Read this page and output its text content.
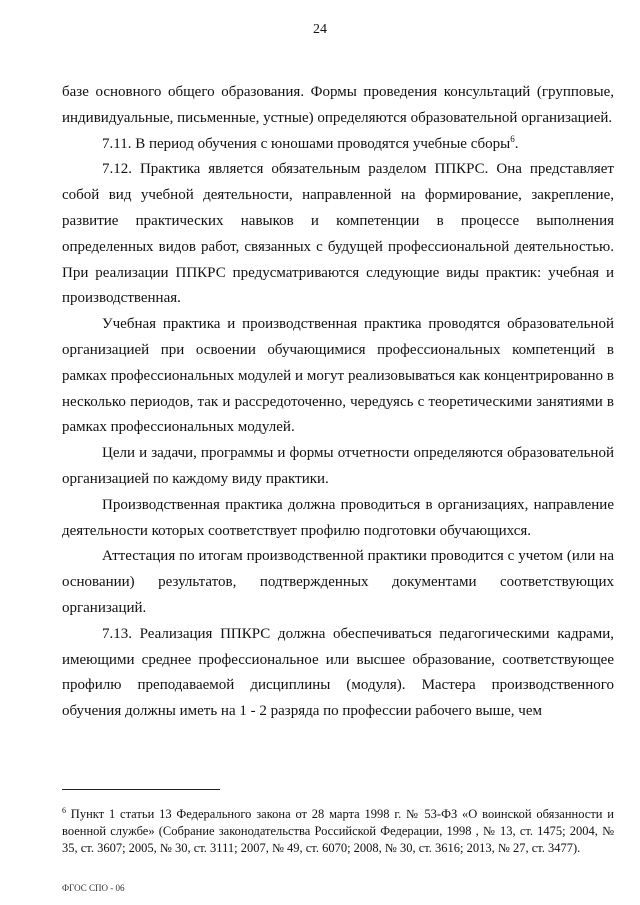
24

базе основного общего образования. Формы проведения консультаций (групповые, индивидуальные, письменные, устные) определяются образовательной организацией.

7.11. В период обучения с юношами проводятся учебные сборы$^6$.

7.12. Практика является обязательным разделом ППКРС. Она представляет собой вид учебной деятельности, направленной на формирование, закрепление, развитие практических навыков и компетенции в процессе выполнения определенных видов работ, связанных с будущей профессиональной деятельностью. При реализации ППКРС предусматриваются следующие виды практик: учебная и производственная.

Учебная практика и производственная практика проводятся образовательной организацией при освоении обучающимися профессиональных компетенций в рамках профессиональных модулей и могут реализовываться как концентрированно в несколько периодов, так и рассредоточенно, чередуясь с теоретическими занятиями в рамках профессиональных модулей.

Цели и задачи, программы и формы отчетности определяются образовательной организацией по каждому виду практики.

Производственная практика должна проводиться в организациях, направление деятельности которых соответствует профилю подготовки обучающихся.

Аттестация по итогам производственной практики проводится с учетом (или на основании) результатов, подтвержденных документами соответствующих организаций.

7.13. Реализация ППКРС должна обеспечиваться педагогическими кадрами, имеющими среднее профессиональное или высшее образование, соответствующее профилю преподаваемой дисциплины (модуля). Мастера производственного обучения должны иметь на 1 - 2 разряда по профессии рабочего выше, чем

$^6$ Пункт 1 статьи 13 Федерального закона от 28 марта 1998 г. № 53-ФЗ «О воинской обязанности и военной службе» (Собрание законодательства Российской Федерации, 1998 , № 13, ст. 1475; 2004, № 35, ст. 3607; 2005, № 30, ст. 3111; 2007, № 49, ст. 6070; 2008, № 30, ст. 3616; 2013, № 27, ст. 3477).
ФГОС СПО - 06
